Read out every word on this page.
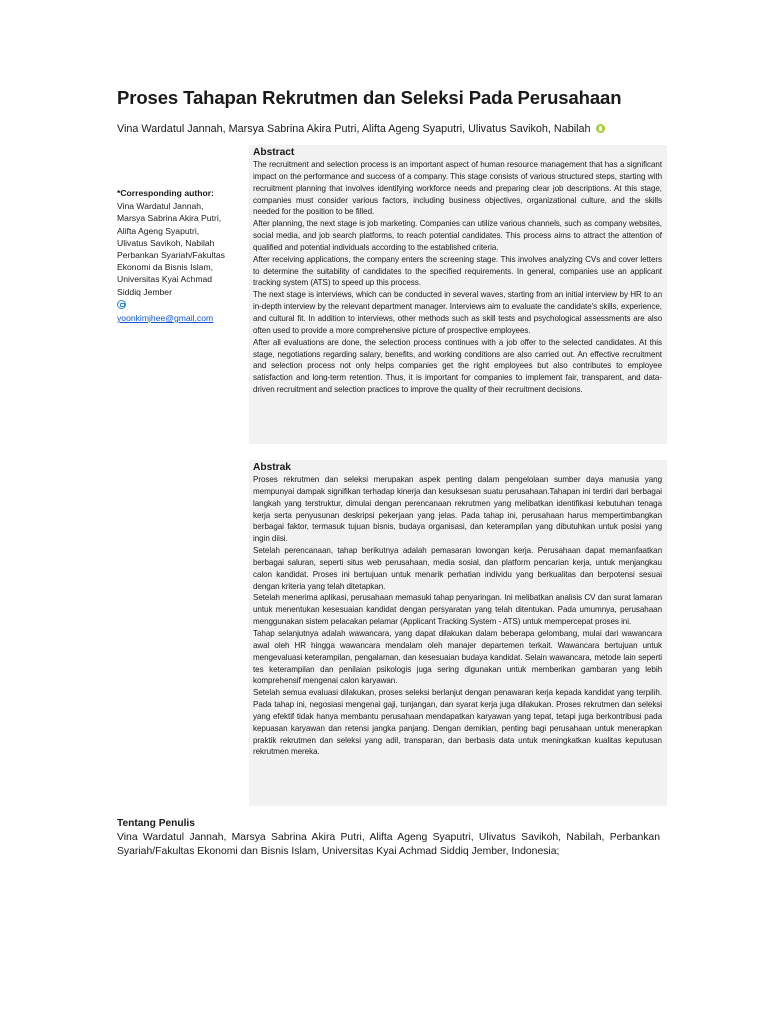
Proses Tahapan Rekrutmen dan Seleksi Pada Perusahaan

Vina Wardatul Jannah, Marsya Sabrina Akira Putri, Alifta Ageng Syaputri, Ulivatus Savikoh, Nabilah

*Corresponding author:

Vina Wardatul Jannah,

Marsya Sabrina Akira Putri,

Alifta Ageng Syaputri,

Ulivatus Savikoh, Nabilah

Perbankan Syariah/Fakultas

Ekonomi da Bisnis Islam,

Universitas Kyai Achmad

Siddiq Jember

yoonkimjhee@gmail.com
Abstract

The recruitment and selection process is an important aspect of human resource management that has a significant impact on the performance and success of a company. This stage consists of various structured steps, starting with recruitment planning that involves identifying workforce needs and preparing clear job descriptions. At this stage, companies must consider various factors, including business objectives, organizational culture, and the skills needed for the position to be filled.

After planning, the next stage is job marketing. Companies can utilize various channels, such as company websites, social media, and job search platforms, to reach potential candidates. This process aims to attract the attention of qualified and potential individuals according to the established criteria.

After receiving applications, the company enters the screening stage. This involves analyzing CVs and cover letters to determine the suitability of candidates to the specified requirements. In general, companies use an applicant tracking system (ATS) to speed up this process.

The next stage is interviews, which can be conducted in several waves, starting from an initial interview by HR to an in-depth interview by the relevant department manager. Interviews aim to evaluate the candidate's skills, experience, and cultural fit. In addition to interviews, other methods such as skill tests and psychological assessments are also often used to provide a more comprehensive picture of prospective employees.

After all evaluations are done, the selection process continues with a job offer to the selected candidates. At this stage, negotiations regarding salary, benefits, and working conditions are also carried out. An effective recruitment and selection process not only helps companies get the right employees but also contributes to employee satisfaction and long-term retention. Thus, it is important for companies to implement fair, transparent, and data-driven recruitment and selection practices to improve the quality of their recruitment decisions.

Abstrak

Proses rekrutmen dan seleksi merupakan aspek penting dalam pengelolaan sumber daya manusia yang mempunyai dampak signifikan terhadap kinerja dan kesuksesan suatu perusahaan.Tahapan ini terdiri dari berbagai langkah yang terstruktur, dimulai dengan perencanaan rekrutmen yang melibatkan identifikasi kebutuhan tenaga kerja serta penyusunan deskripsi pekerjaan yang jelas. Pada tahap ini, perusahaan harus mempertimbangkan berbagai faktor, termasuk tujuan bisnis, budaya organisasi, dan keterampilan yang dibutuhkan untuk posisi yang ingin diisi.

Setelah perencanaan, tahap berikutnya adalah pemasaran lowongan kerja. Perusahaan dapat memanfaatkan berbagai saluran, seperti situs web perusahaan, media sosial, dan platform pencarian kerja, untuk menjangkau calon kandidat. Proses ini bertujuan untuk menarik perhatian individu yang berkualitas dan berpotensi sesuai dengan kriteria yang telah ditetapkan.

Setelah menerima aplikasi, perusahaan memasuki tahap penyaringan. Ini melibatkan analisis CV dan surat lamaran untuk menentukan kesesuaian kandidat dengan persyaratan yang telah ditentukan. Pada umumnya, perusahaan menggunakan sistem pelacakan pelamar (Applicant Tracking System - ATS) untuk mempercepat proses ini.

Tahap selanjutnya adalah wawancara, yang dapat dilakukan dalam beberapa gelombang, mulai dari wawancara awal oleh HR hingga wawancara mendalam oleh manajer departemen terkait. Wawancara bertujuan untuk mengevaluasi keterampilan, pengalaman, dan kesesuaian budaya kandidat. Selain wawancara, metode lain seperti tes keterampilan dan penilaian psikologis juga sering digunakan untuk memberikan gambaran yang lebih komprehensif mengenai calon karyawan.

Setelah semua evaluasi dilakukan, proses seleksi berlanjut dengan penawaran kerja kepada kandidat yang terpilih. Pada tahap ini, negosiasi mengenai gaji, tunjangan, dan syarat kerja juga dilakukan. Proses rekrutmen dan seleksi yang efektif tidak hanya membantu perusahaan mendapatkan karyawan yang tepat, tetapi juga berkontribusi pada kepuasan karyawan dan retensi jangka panjang. Dengan demikian, penting bagi perusahaan untuk menerapkan praktik rekrutmen dan seleksi yang adil, transparan, dan berbasis data untuk meningkatkan kualitas keputusan rekrutmen mereka.

Tentang Penulis

Vina Wardatul Jannah, Marsya Sabrina Akira Putri, Alifta Ageng Syaputri, Ulivatus Savikoh, Nabilah, Perbankan Syariah/Fakultas Ekonomi dan Bisnis Islam, Universitas Kyai Achmad Siddiq Jember, Indonesia;
